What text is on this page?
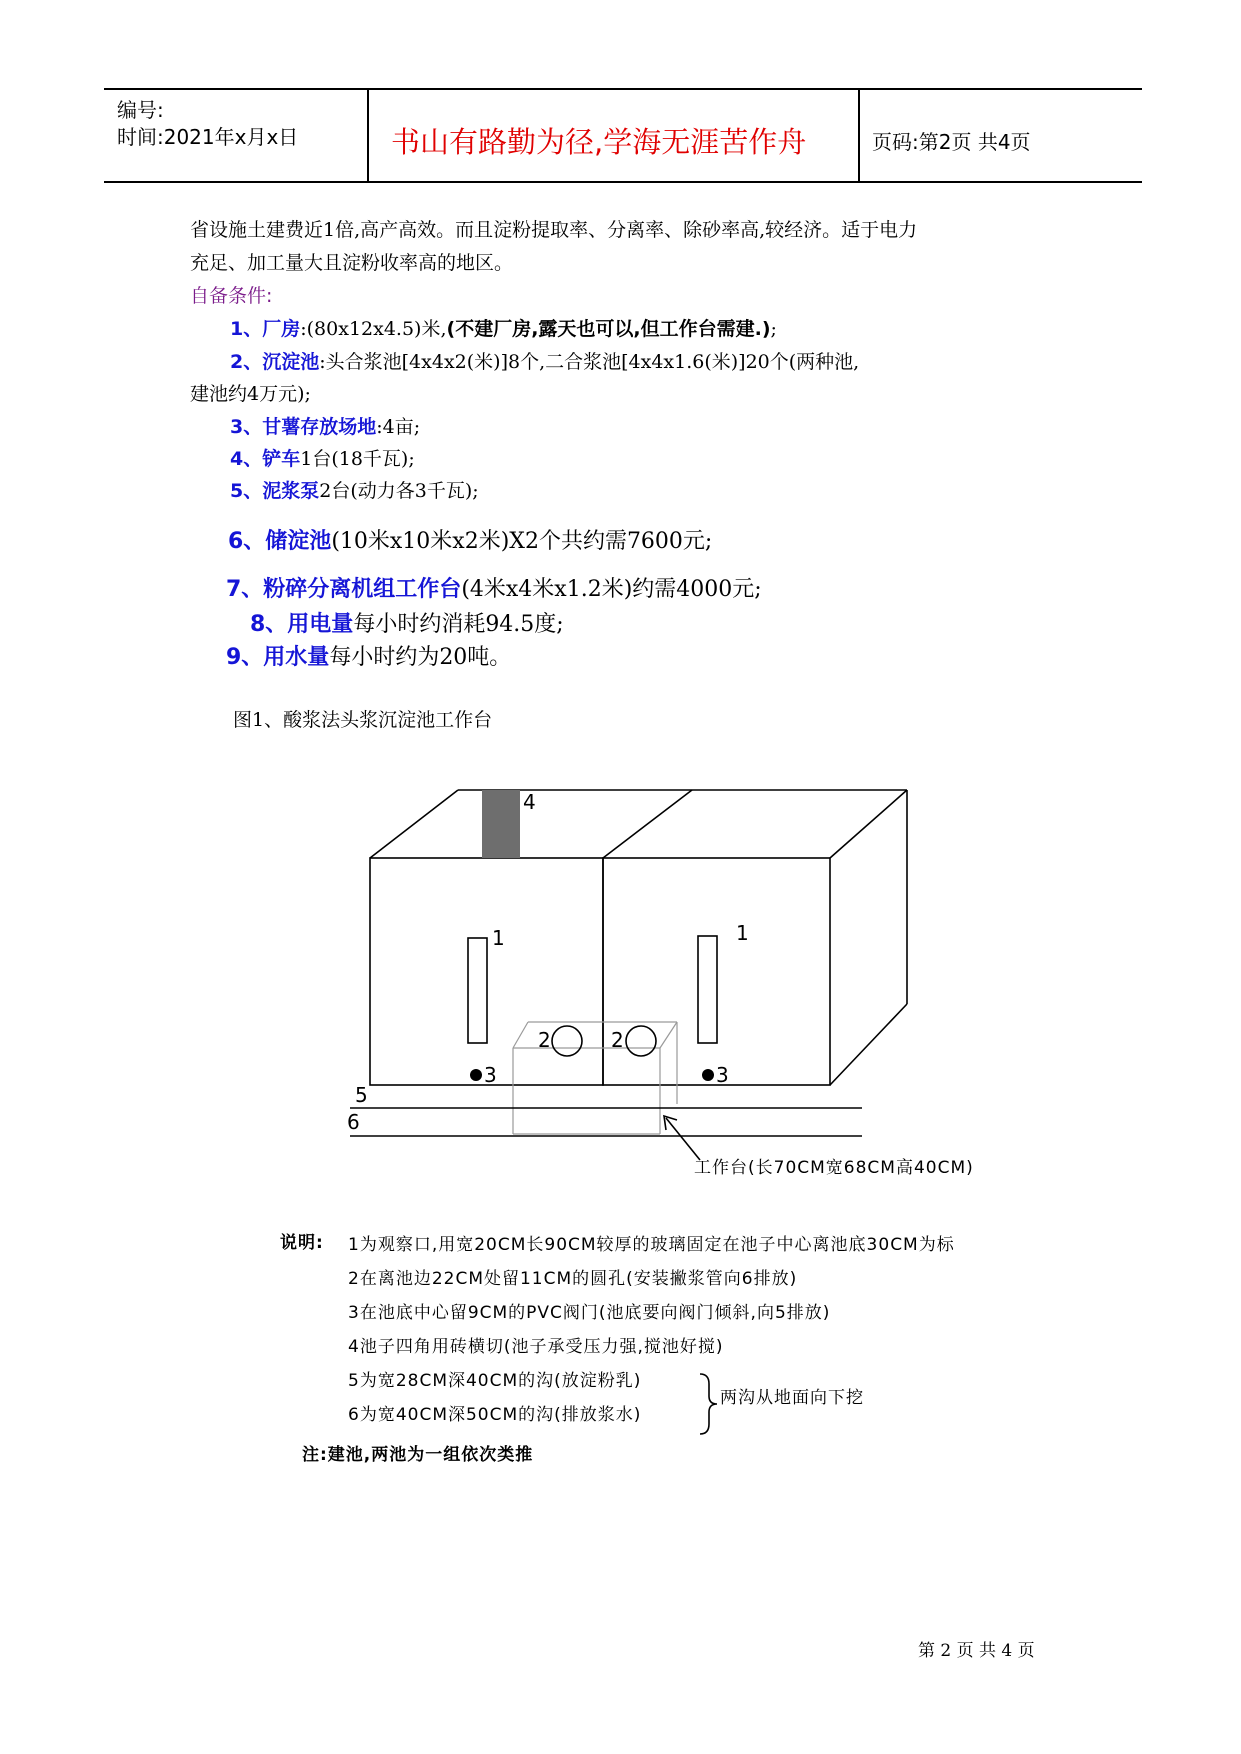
编号:
时间:2021年x月x日	书山有路勤为径,学海无涯苦作舟	页码:第2页 共4页
省设施土建费近1倍,高产高效。而且淀粉提取率、分离率、除砂率高,较经济。适于电力
充足、加工量大且淀粉收率高的地区。
自备条件:
1、厂房:(80x12x4.5)米,(不建厂房,露天也可以,但工作台需建.);
2、沉淀池:头合浆池[4x4x2(米)]8个,二合浆池[4x4x1.6(米)]20个(两种池,
建池约4万元);
3、甘薯存放场地:4亩;
4、铲车1台(18千瓦);
5、泥浆泵2台(动力各3千瓦);
6、储淀池(10米x10米x2米)X2个共约需7600元;
7、粉碎分离机组工作台(4米x4米x1.2米)约需4000元;
8、用电量每小时约消耗94.5度;
9、用水量每小时约为20吨。
图1、酸浆法头浆沉淀池工作台
4
1	1
2	2
3	3
5
6
工作台(长70CM宽68CM高40CM)
说明: 1为观察口,用宽20CM长90CM较厚的玻璃固定在池子中心离池底30CM为标
2在离池边22CM处留11CM的圆孔(安装撇浆管向6排放)
3在池底中心留9CM的PVC阀门(池底要向阀门倾斜,向5排放)
4池子四角用砖横切(池子承受压力强,搅池好搅)
5为宽28CM深40CM的沟(放淀粉乳)
6为宽40CM深50CM的沟(排放浆水)
两沟从地面向下挖
注:建池,两池为一组依次类推
第 2 页 共 4 页
